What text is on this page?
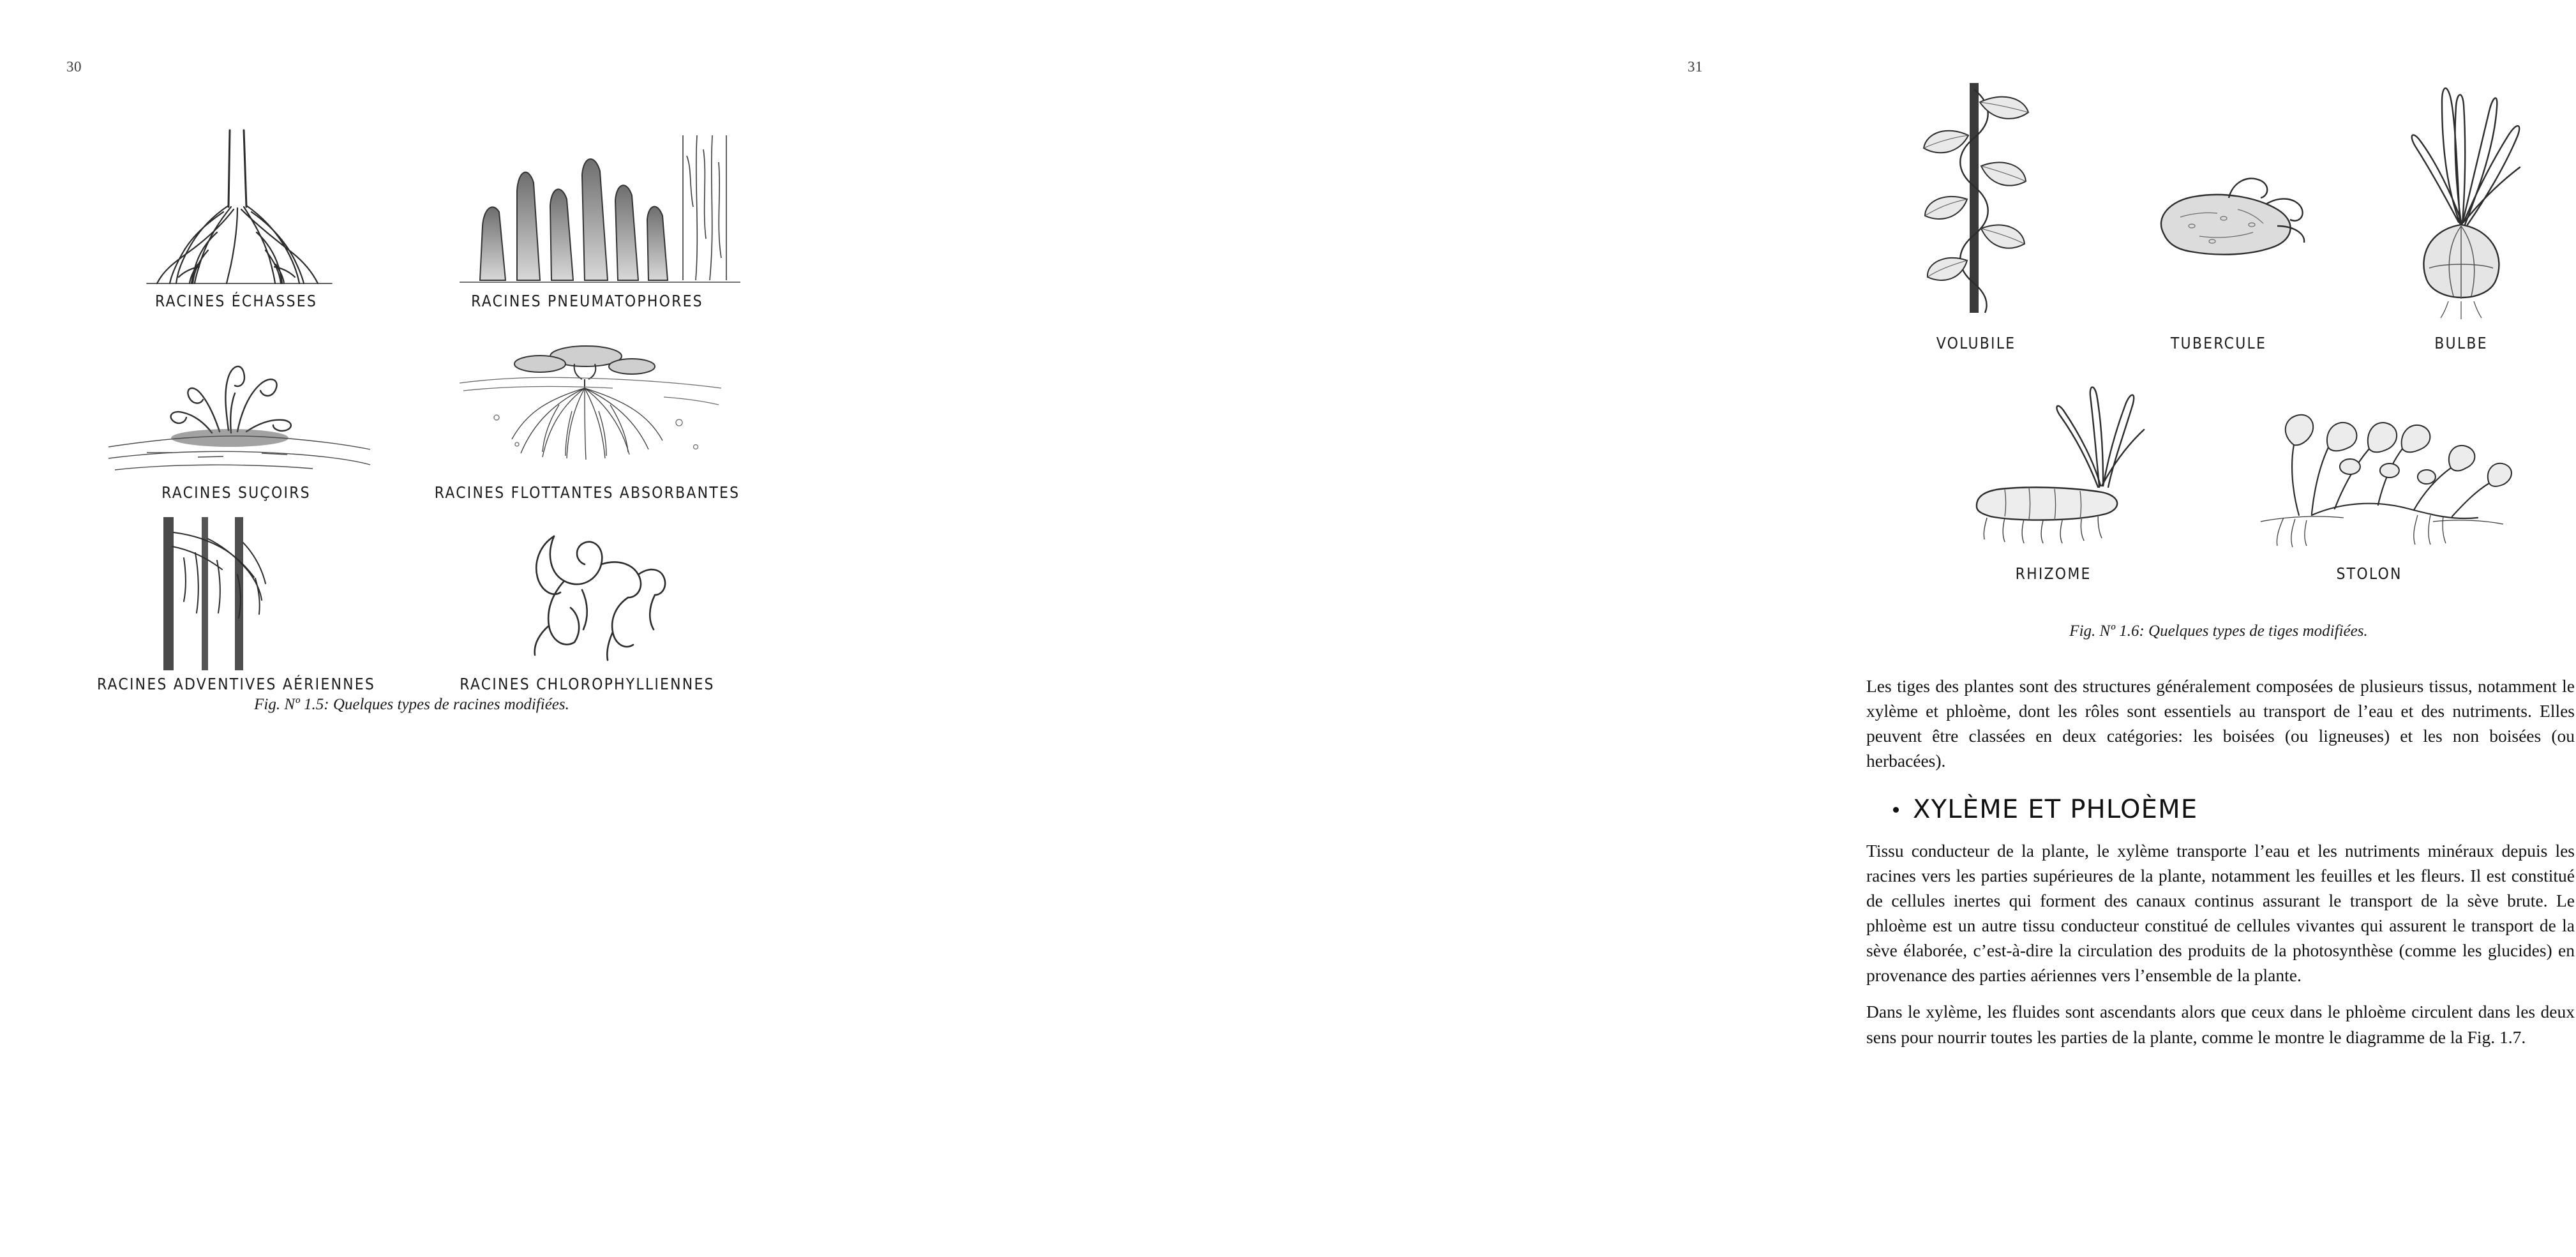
30
RACINES ÉCHASSES	RACINES PNEUMATOPHORES
RACINES SUÇOIRS	RACINES FLOTTANTES ABSORBANTES
RACINES ADVENTIVES AÉRIENNES	RACINES CHLOROPHYLLIENNES
Fig. Nº 1.5: Quelques types de racines modifiées.
31
VOLUBILE	TUBERCULE	BULBE
RHIZOME	STOLON
Fig. Nº 1.6: Quelques types de tiges modifiées.

Les tiges des plantes sont des structures généralement composées de plusieurs tissus, notamment le xylème et phloème, dont les rôles sont essentiels au transport de l’eau et des nutriments. Elles peuvent être classées en deux catégories: les boisées (ou ligneuses) et les non boisées (ou herbacées).

XYLÈME ET PHLOÈME

Tissu conducteur de la plante, le xylème transporte l’eau et les nutriments minéraux depuis les racines vers les parties supérieures de la plante, notamment les feuilles et les fleurs. Il est constitué de cellules inertes qui forment des canaux continus assurant le transport de la sève brute. Le phloème est un autre tissu conducteur constitué de cellules vivantes qui assurent le transport de la sève élaborée, c’est-à-dire la circulation des produits de la photosynthèse (comme les glucides) en provenance des parties aériennes vers l’ensemble de la plante.

Dans le xylème, les fluides sont ascendants alors que ceux dans le phloème circulent dans les deux sens pour nourrir toutes les parties de la plante, comme le montre le diagramme de la Fig. 1.7.
